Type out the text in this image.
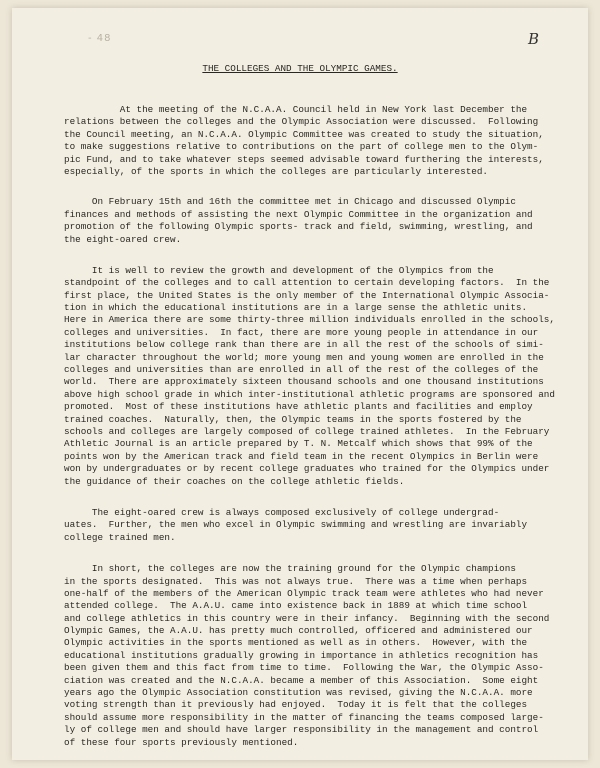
- 48	B
THE COLLEGES AND THE OLYMPIC GAMES.
At the meeting of the N.C.A.A. Council held in New York last December the
relations between the colleges and the Olympic Association were discussed.  Following
the Council meeting, an N.C.A.A. Olympic Committee was created to study the situation,
to make suggestions relative to contributions on the part of college men to the Olym-
pic Fund, and to take whatever steps seemed advisable toward furthering the interests,
especially, of the sports in which the colleges are particularly interested.
On February 15th and 16th the committee met in Chicago and discussed Olympic
finances and methods of assisting the next Olympic Committee in the organization and
promotion of the following Olympic sports- track and field, swimming, wrestling, and
the eight-oared crew.
It is well to review the growth and development of the Olympics from the
standpoint of the colleges and to call attention to certain developing factors.  In the
first place, the United States is the only member of the International Olympic Associa-
tion in which the educational institutions are in a large sense the athletic units.
Here in America there are some thirty-three million individuals enrolled in the schools,
colleges and universities.  In fact, there are more young people in attendance in our
institutions below college rank than there are in all the rest of the schools of simi-
lar character throughout the world; more young men and young women are enrolled in the
colleges and universities than are enrolled in all of the rest of the colleges of the
world.  There are approximately sixteen thousand schools and one thousand institutions
above high school grade in which inter-institutional athletic programs are sponsored and
promoted.  Most of these institutions have athletic plants and facilities and employ
trained coaches.  Naturally, then, the Olympic teams in the sports fostered by the
schools and colleges are largely composed of college trained athletes.  In the February
Athletic Journal is an article prepared by T. N. Metcalf which shows that 99% of the
points won by the American track and field team in the recent Olympics in Berlin were
won by undergraduates or by recent college graduates who trained for the Olympics under
the guidance of their coaches on the college athletic fields.
The eight-oared crew is always composed exclusively of college undergrad-
uates.  Further, the men who excel in Olympic swimming and wrestling are invariably
college trained men.
In short, the colleges are now the training ground for the Olympic champions
in the sports designated.  This was not always true.  There was a time when perhaps
one-half of the members of the American Olympic track team were athletes who had never
attended college.  The A.A.U. came into existence back in 1889 at which time school
and college athletics in this country were in their infancy.  Beginning with the second
Olympic Games, the A.A.U. has pretty much controlled, officered and administered our
Olympic activities in the sports mentioned as well as in others.  However, with the
educational institutions gradually growing in importance in athletics recognition has
been given them and this fact from time to time.  Following the War, the Olympic Asso-
ciation was created and the N.C.A.A. became a member of this Association.  Some eight
years ago the Olympic Association constitution was revised, giving the N.C.A.A. more
voting strength than it previously had enjoyed.  Today it is felt that the colleges
should assume more responsibility in the matter of financing the teams composed large-
ly of college men and should have larger responsibility in the management and control
of these four sports previously mentioned.
